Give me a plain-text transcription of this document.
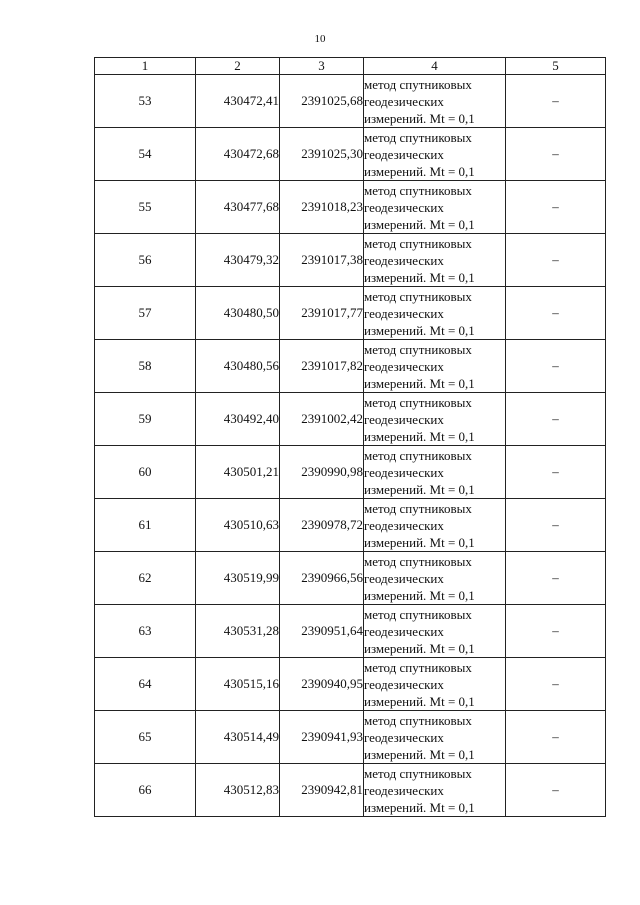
10
1	2	3	4	5
53	430472,41	2391025,68	метод спутниковых
геодезических
измерений. Mt = 0,1	–
54	430472,68	2391025,30	метод спутниковых
геодезических
измерений. Mt = 0,1	–
55	430477,68	2391018,23	метод спутниковых
геодезических
измерений. Mt = 0,1	–
56	430479,32	2391017,38	метод спутниковых
геодезических
измерений. Mt = 0,1	–
57	430480,50	2391017,77	метод спутниковых
геодезических
измерений. Mt = 0,1	–
58	430480,56	2391017,82	метод спутниковых
геодезических
измерений. Mt = 0,1	–
59	430492,40	2391002,42	метод спутниковых
геодезических
измерений. Mt = 0,1	–
60	430501,21	2390990,98	метод спутниковых
геодезических
измерений. Mt = 0,1	–
61	430510,63	2390978,72	метод спутниковых
геодезических
измерений. Mt = 0,1	–
62	430519,99	2390966,56	метод спутниковых
геодезических
измерений. Mt = 0,1	–
63	430531,28	2390951,64	метод спутниковых
геодезических
измерений. Mt = 0,1	–
64	430515,16	2390940,95	метод спутниковых
геодезических
измерений. Mt = 0,1	–
65	430514,49	2390941,93	метод спутниковых
геодезических
измерений. Mt = 0,1	–
66	430512,83	2390942,81	метод спутниковых
геодезических
измерений. Mt = 0,1	–
